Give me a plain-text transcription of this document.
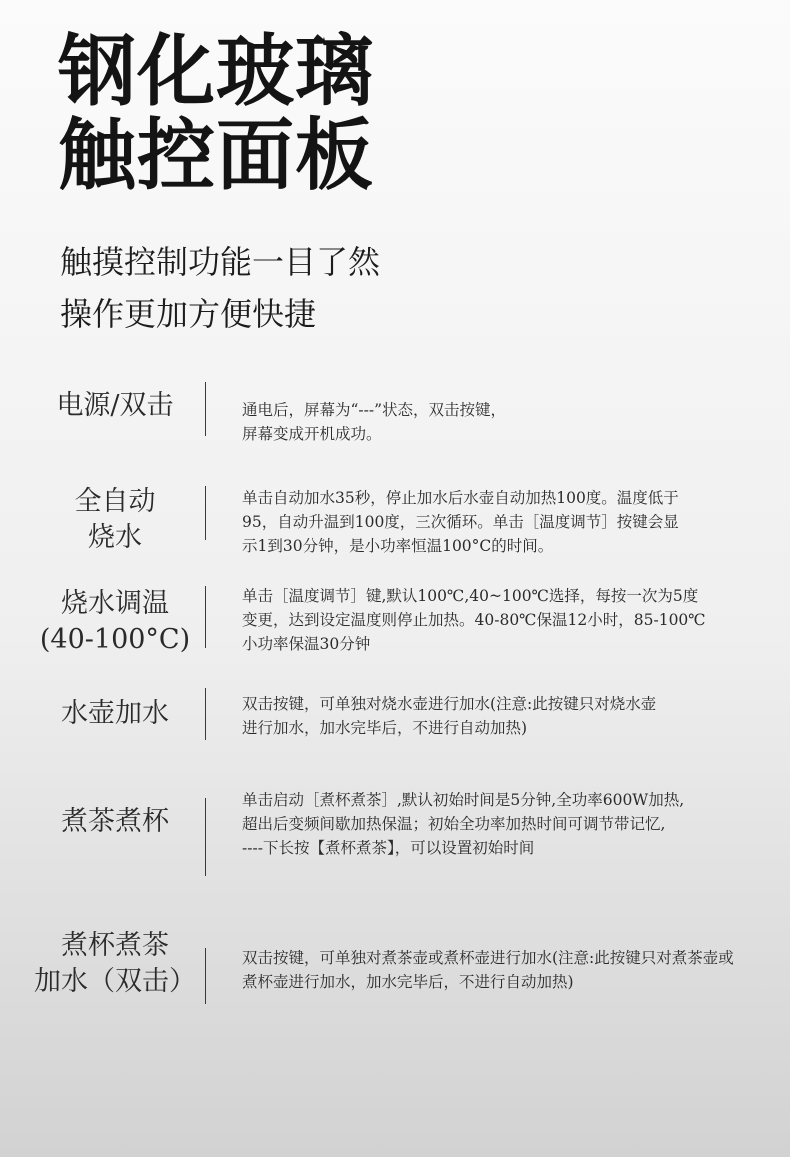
钢化玻璃
触控面板
触摸控制功能一目了然
操作更加方便快捷
电源/双击	通电后，屏幕为“---”状态，双击按键，
屏幕变成开机成功。
全自动
烧水
单击自动加水35秒，停止加水后水壶自动加热100度。温度低于
95，自动升温到100度，三次循环。单击［温度调节］按键会显
示1到30分钟，是小功率恒温100°C的时间。
烧水调温
(40-100°C)
单击［温度调节］键,默认100℃,40~100℃选择，每按一次为5度
变更，达到设定温度则停止加热。40-80℃保温12小时，85-100℃
小功率保温30分钟
水壶加水	双击按键，可单独对烧水壶进行加水(注意:此按键只对烧水壶
进行加水，加水完毕后，不进行自动加热)
煮茶煮杯
单击启动［煮杯煮茶］,默认初始时间是5分钟,全功率600W加热,
超出后变频间歇加热保温；初始全功率加热时间可调节带记忆,
----下长按【煮杯煮茶】，可以设置初始时间
煮杯煮茶
加水（双击）
双击按键，可单独对煮茶壶或煮杯壶进行加水(注意:此按键只对煮茶壶或
煮杯壶进行加水，加水完毕后，不进行自动加热)
